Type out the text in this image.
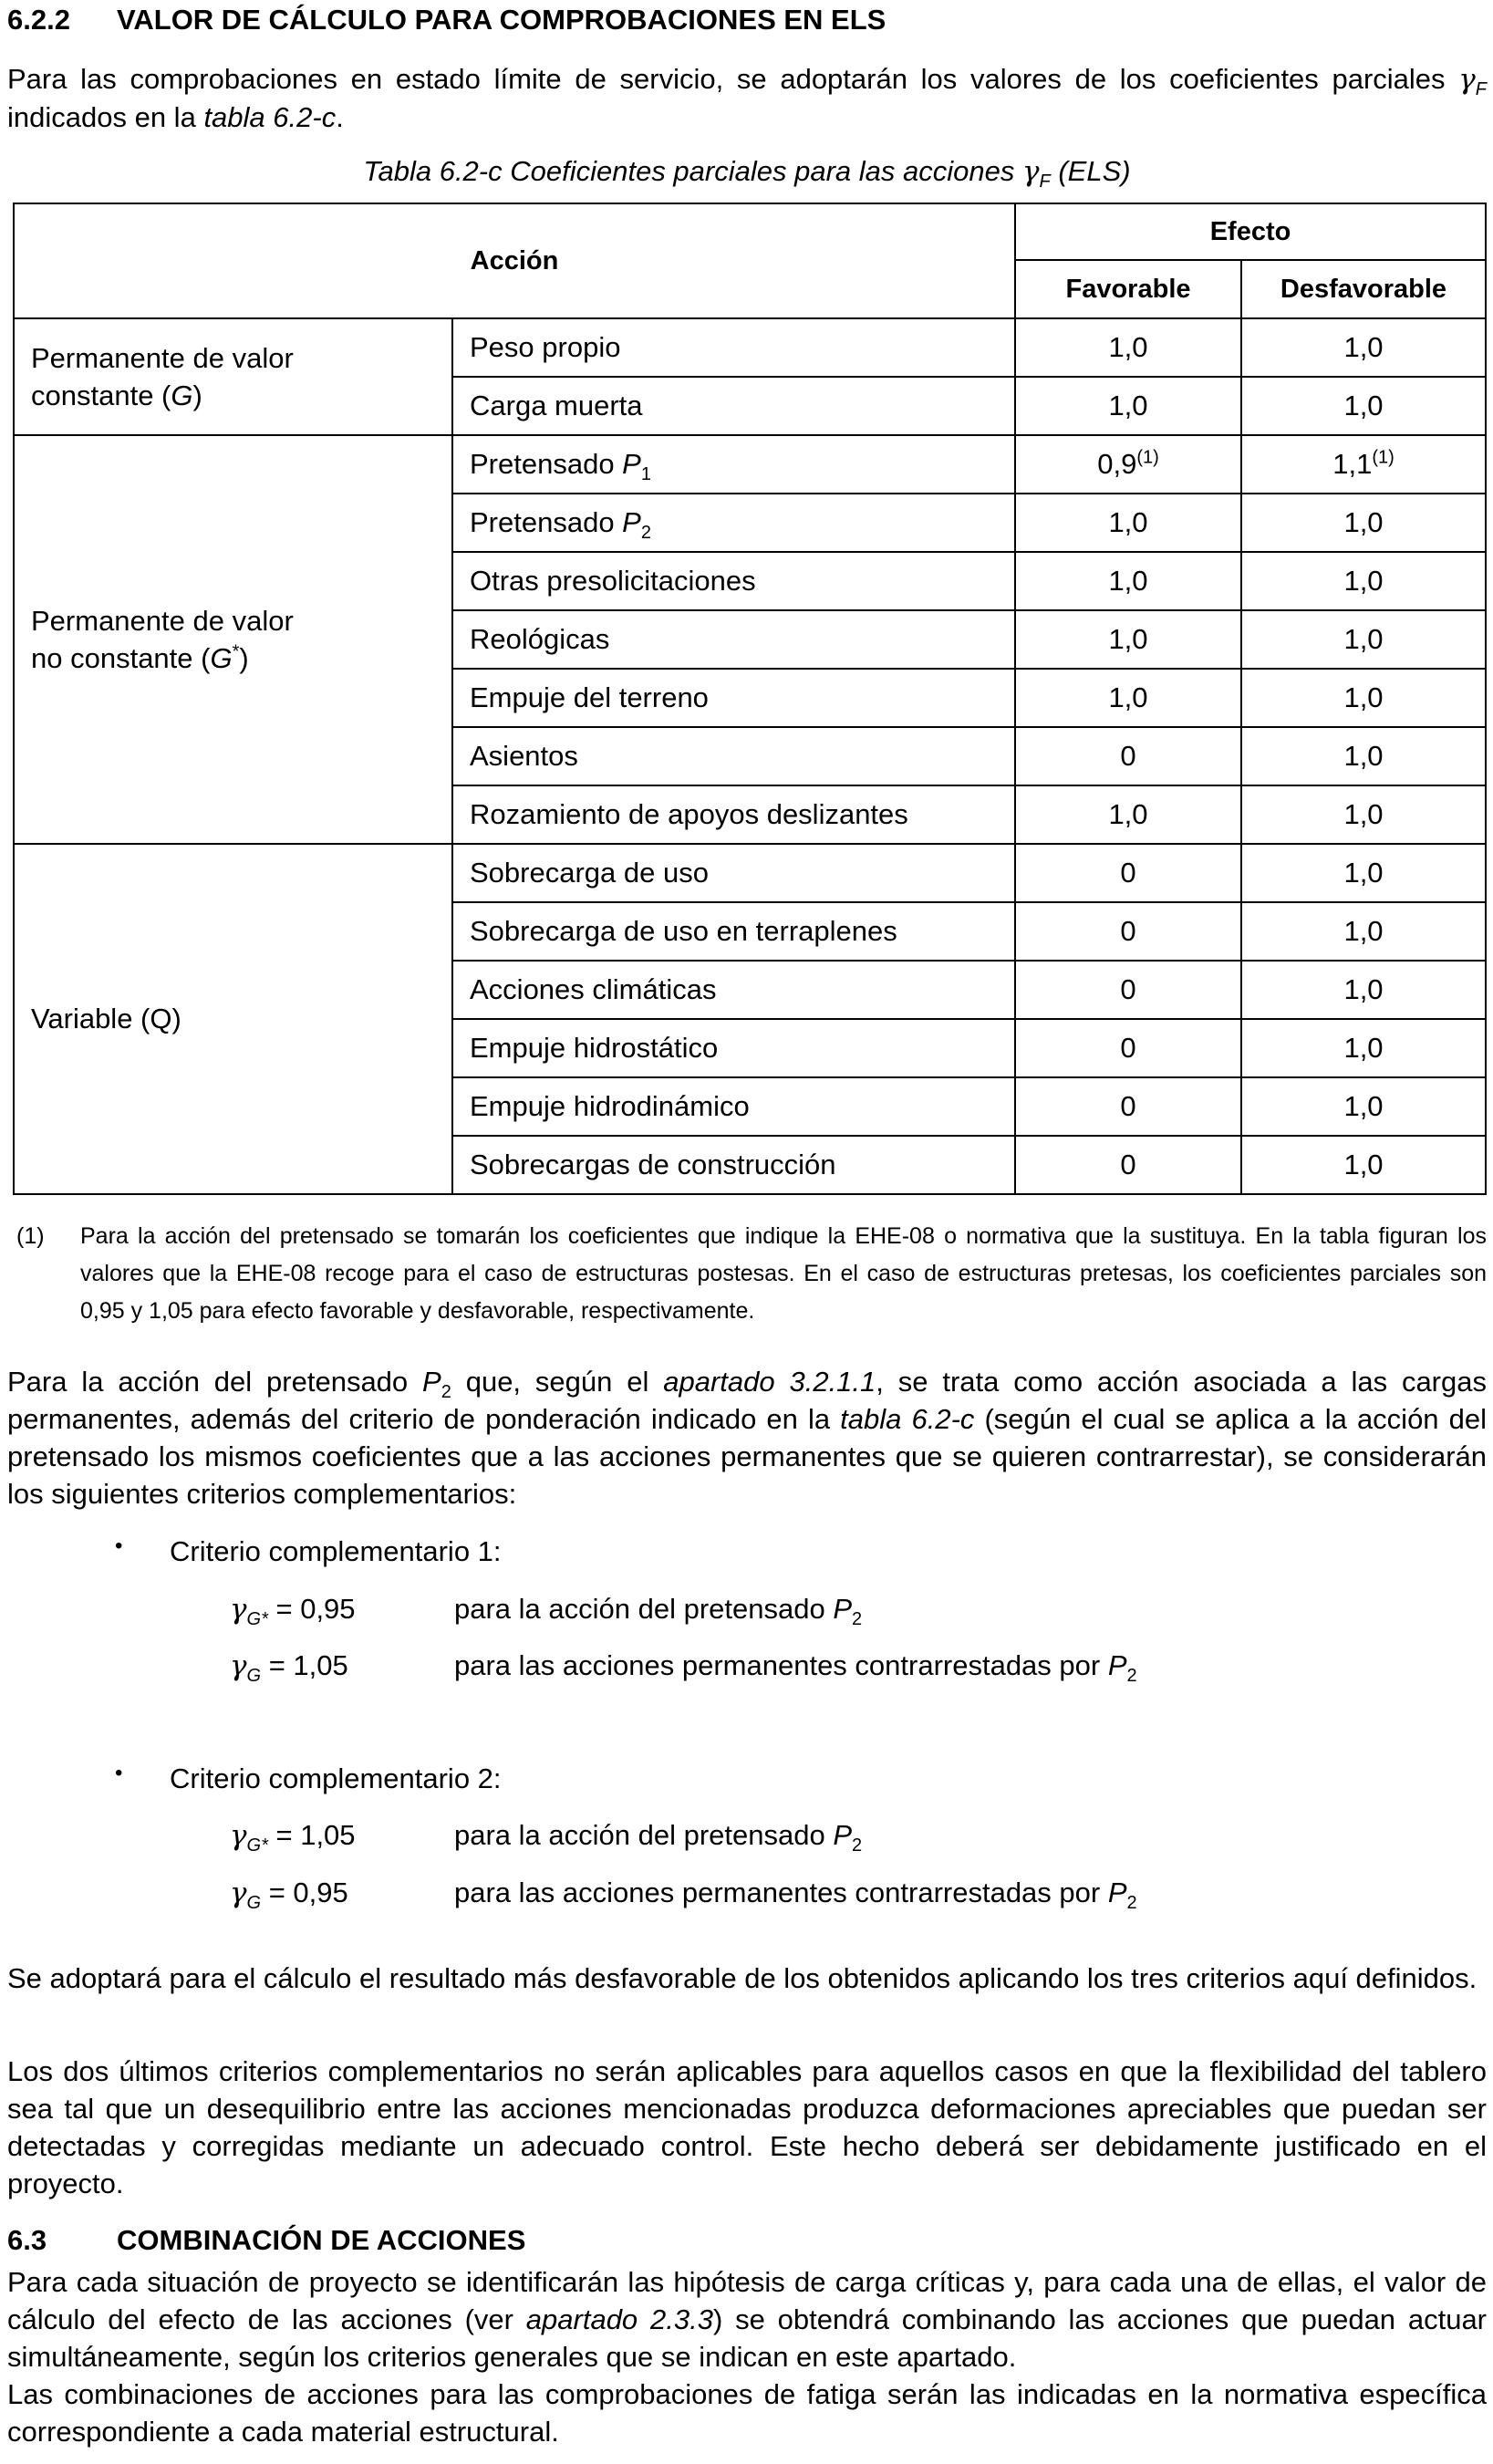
6.2.2 VALOR DE CÁLCULO PARA COMPROBACIONES EN ELS
Para las comprobaciones en estado límite de servicio, se adoptarán los valores de los coeficientes parciales $\gamma_F$ indicados en la tabla 6.2-c.
Tabla 6.2-c Coeficientes parciales para las acciones $\gamma_F$ (ELS)
Acción		Efecto	
		Favorable	Desfavorable
Permanente de valor
constante (G)	Peso propio	1,0	1,0
	Carga muerta	1,0	1,0
Permanente de valor
no constante (G*)	Pretensado $P_1$	0,9$^{(1)}$	1,1$^{(1)}$
	Pretensado $P_2$	1,0	1,0
	Otras presolicitaciones	1,0	1,0
	Reológicas	1,0	1,0
	Empuje del terreno	1,0	1,0
	Asientos	0	1,0
	Rozamiento de apoyos deslizantes	1,0	1,0
Variable (Q)	Sobrecarga de uso	0	1,0
	Sobrecarga de uso en terraplenes	0	1,0
	Acciones climáticas	0	1,0
	Empuje hidrostático	0	1,0
	Empuje hidrodinámico	0	1,0
	Sobrecargas de construcción	0	1,0
(1) Para la acción del pretensado se tomarán los coeficientes que indique la EHE-08 o normativa que la sustituya. En la tabla figuran los valores que la EHE-08 recoge para el caso de estructuras postesas. En el caso de estructuras pretesas, los coeficientes parciales son 0,95 y 1,05 para efecto favorable y desfavorable, respectivamente.
Para la acción del pretensado $P_2$ que, según el apartado 3.2.1.1, se trata como acción asociada a las cargas permanentes, además del criterio de ponderación indicado en la tabla 6.2-c (según el cual se aplica a la acción del pretensado los mismos coeficientes que a las acciones permanentes que se quieren contrarrestar), se considerarán los siguientes criterios complementarios:
• Criterio complementario 1:
$\gamma_{G*} = 0,95$	para la acción del pretensado $P_2$
$\gamma_G = 1,05$	para las acciones permanentes contrarrestadas por $P_2$
• Criterio complementario 2:
$\gamma_{G*} = 1,05$	para la acción del pretensado $P_2$
$\gamma_G = 0,95$	para las acciones permanentes contrarrestadas por $P_2$
Se adoptará para el cálculo el resultado más desfavorable de los obtenidos aplicando los tres criterios aquí definidos.
Los dos últimos criterios complementarios no serán aplicables para aquellos casos en que la flexibilidad del tablero sea tal que un desequilibrio entre las acciones mencionadas produzca deformaciones apreciables que puedan ser detectadas y corregidas mediante un adecuado control. Este hecho deberá ser debidamente justificado en el proyecto.
6.3 COMBINACIÓN DE ACCIONES
Para cada situación de proyecto se identificarán las hipótesis de carga críticas y, para cada una de ellas, el valor de cálculo del efecto de las acciones (ver apartado 2.3.3) se obtendrá combinando las acciones que puedan actuar simultáneamente, según los criterios generales que se indican en este apartado.
Las combinaciones de acciones para las comprobaciones de fatiga serán las indicadas en la normativa específica correspondiente a cada material estructural.
